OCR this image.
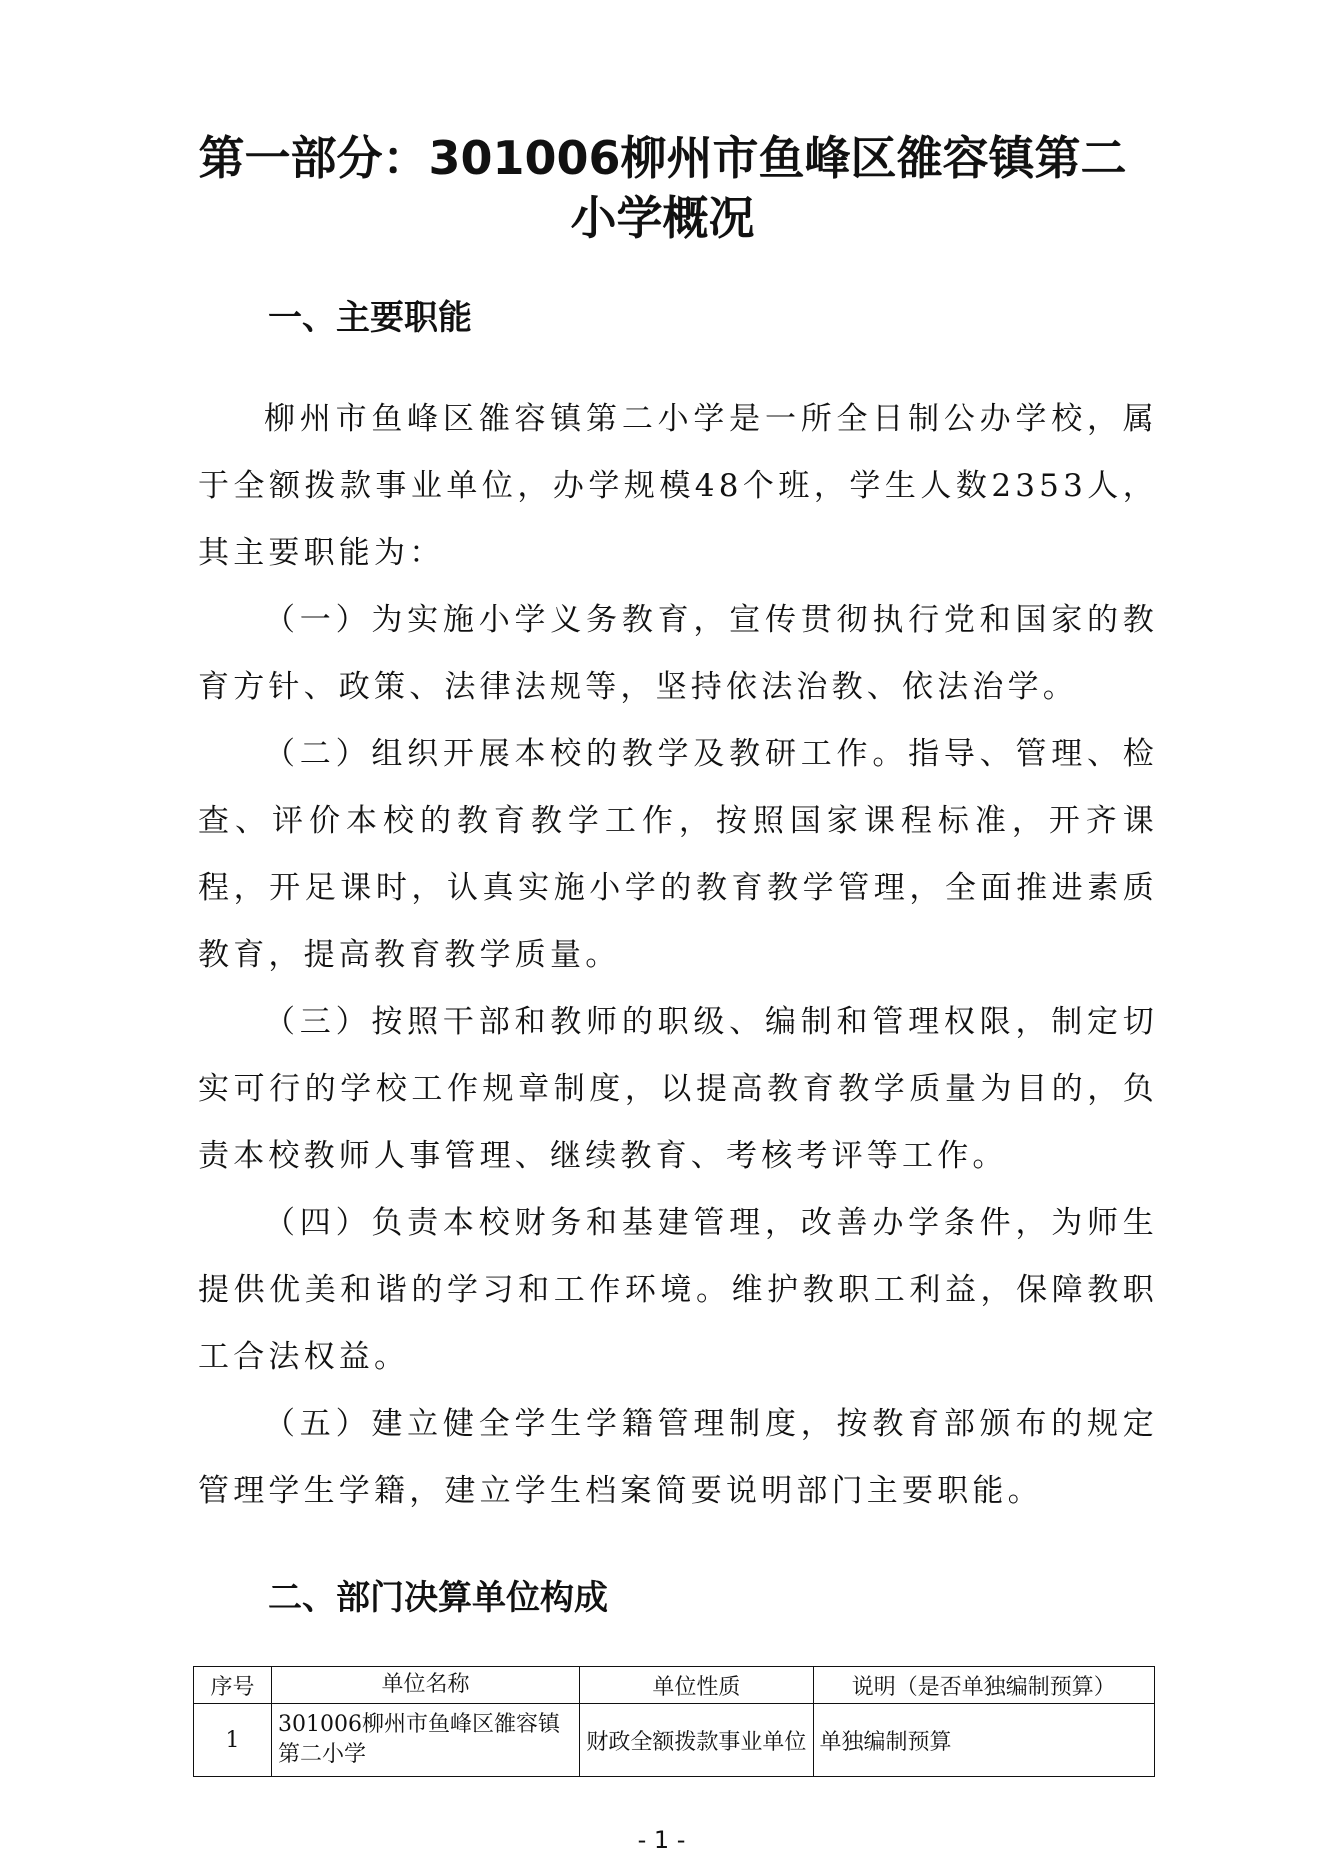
第一部分：301006柳州市鱼峰区雒容镇第二
小学概况
一、主要职能

柳州市鱼峰区雒容镇第二小学是一所全日制公办学校，属于全额拨款事业单位，办学规模48个班，学生人数2353人，其主要职能为：

（一）为实施小学义务教育，宣传贯彻执行党和国家的教育方针、政策、法律法规等，坚持依法治教、依法治学。

（二）组织开展本校的教学及教研工作。指导、管理、检查、评价本校的教育教学工作，按照国家课程标准，开齐课程，开足课时，认真实施小学的教育教学管理，全面推进素质教育，提高教育教学质量。

（三）按照干部和教师的职级、编制和管理权限，制定切实可行的学校工作规章制度，以提高教育教学质量为目的，负责本校教师人事管理、继续教育、考核考评等工作。

（四）负责本校财务和基建管理，改善办学条件，为师生提供优美和谐的学习和工作环境。维护教职工利益，保障教职工合法权益。

（五）建立健全学生学籍管理制度，按教育部颁布的规定管理学生学籍，建立学生档案简要说明部门主要职能。

二、部门决算单位构成
序号	单位名称	单位性质	说明（是否单独编制预算）
1	301006柳州市鱼峰区雒容镇第二小学	财政全额拨款事业单位	单独编制预算
- 1 -
